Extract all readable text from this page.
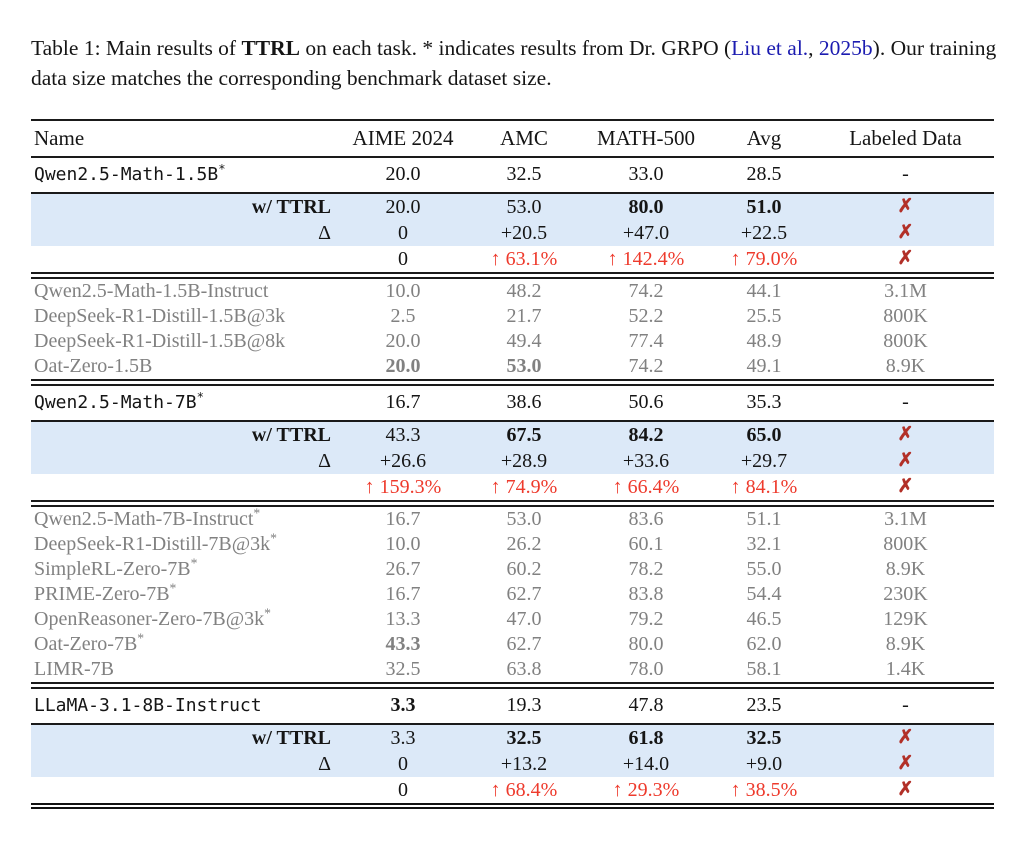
Table 1: Main results of TTRL on each task. * indicates results from Dr. GRPO (Liu et al., 2025b). Our training data size matches the corresponding benchmark dataset size.

Name	AIME 2024	AMC	MATH-500	Avg	Labeled Data
Qwen2.5-Math-1.5B*	20.0	32.5	33.0	28.5	-
w/ TTRL	20.0	53.0	80.0	51.0	✗
Δ	0	+20.5	+47.0	+22.5	✗
	0	↑ 63.1%	↑ 142.4%	↑ 79.0%	✗
Qwen2.5-Math-1.5B-Instruct	10.0	48.2	74.2	44.1	3.1M
DeepSeek-R1-Distill-1.5B@3k	2.5	21.7	52.2	25.5	800K
DeepSeek-R1-Distill-1.5B@8k	20.0	49.4	77.4	48.9	800K
Oat-Zero-1.5B	20.0	53.0	74.2	49.1	8.9K
Qwen2.5-Math-7B*	16.7	38.6	50.6	35.3	-
w/ TTRL	43.3	67.5	84.2	65.0	✗
Δ	+26.6	+28.9	+33.6	+29.7	✗
	↑ 159.3%	↑ 74.9%	↑ 66.4%	↑ 84.1%	✗
Qwen2.5-Math-7B-Instruct*	16.7	53.0	83.6	51.1	3.1M
DeepSeek-R1-Distill-7B@3k*	10.0	26.2	60.1	32.1	800K
SimpleRL-Zero-7B*	26.7	60.2	78.2	55.0	8.9K
PRIME-Zero-7B*	16.7	62.7	83.8	54.4	230K
OpenReasoner-Zero-7B@3k*	13.3	47.0	79.2	46.5	129K
Oat-Zero-7B*	43.3	62.7	80.0	62.0	8.9K
LIMR-7B	32.5	63.8	78.0	58.1	1.4K
LLaMA-3.1-8B-Instruct	3.3	19.3	47.8	23.5	-
w/ TTRL	3.3	32.5	61.8	32.5	✗
Δ	0	+13.2	+14.0	+9.0	✗
	0	↑ 68.4%	↑ 29.3%	↑ 38.5%	✗
